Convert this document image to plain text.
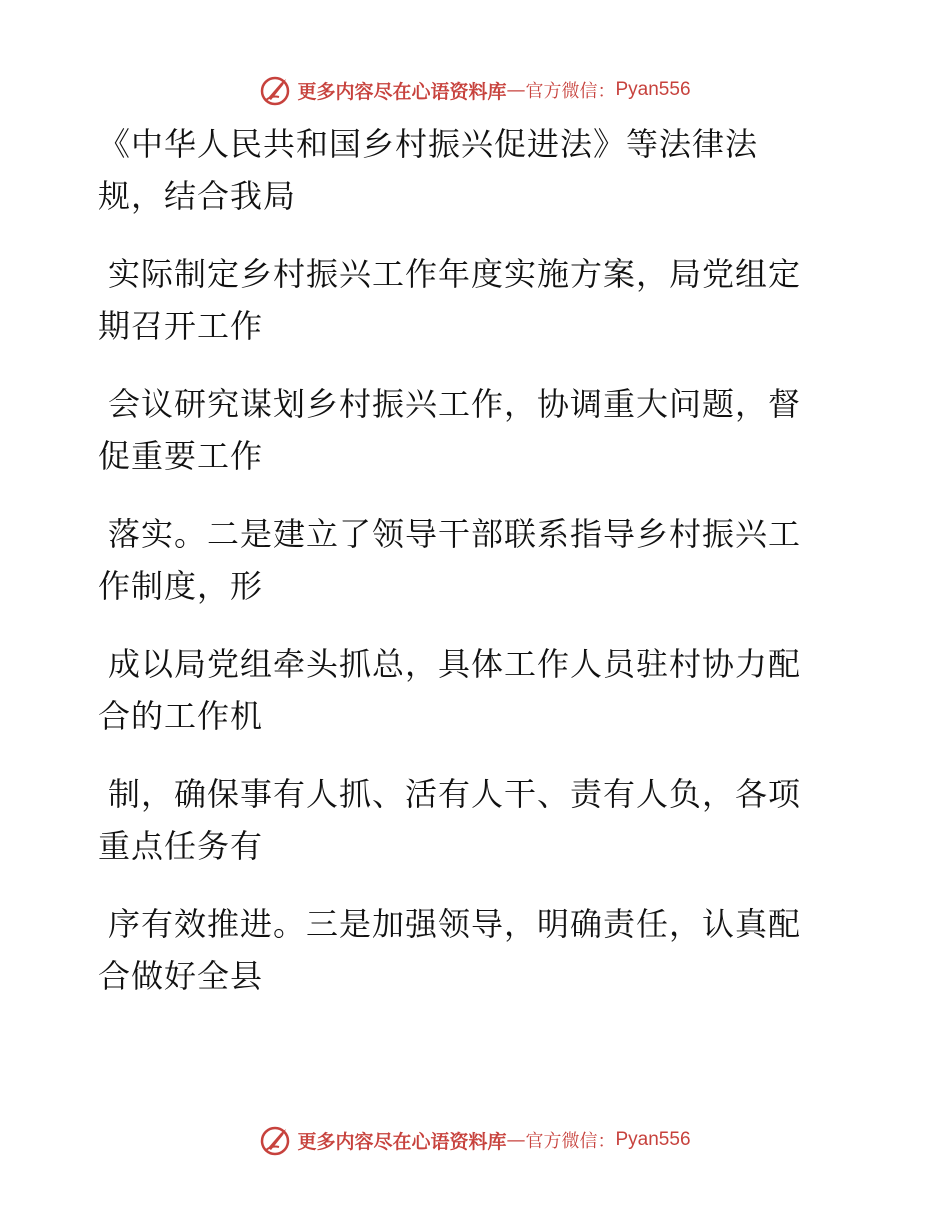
更多内容尽在心语资料库 — 官方微信： Pyan556
《中华人民共和国乡村振兴促进法》等法律法
规，结合我局
实际制定乡村振兴工作年度实施方案，局党组定
期召开工作
会议研究谋划乡村振兴工作，协调重大问题，督
促重要工作
落实。二是建立了领导干部联系指导乡村振兴工
作制度，形
成以局党组牵头抓总，具体工作人员驻村协力配
合的工作机
制，确保事有人抓、活有人干、责有人负，各项
重点任务有
序有效推进。三是加强领导，明确责任，认真配
合做好全县
更多内容尽在心语资料库 — 官方微信： Pyan556
